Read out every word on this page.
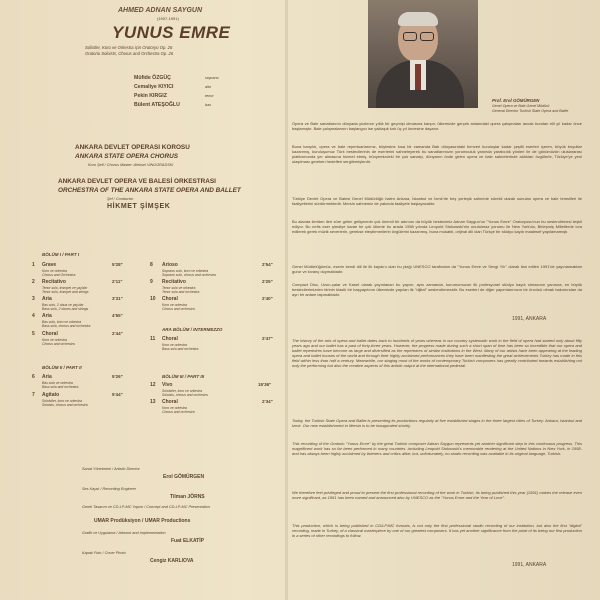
AHMED ADNAN SAYGUN
(1907-1991)
YUNUS EMRE
Solistler, Koro ve Orkestra için Oratoryo Op. 26
Oratorio Soloists, Chorus and Orchestra Op. 26
Müfide ÖZGÜÇ	soprano
Cemaliye KIYICI	alto
Pekin KIRGIZ	tenor
Bülent ATEŞOĞLU	bas
ANKARA DEVLET OPERASI KOROSU
ANKARA STATE OPERA CHORUS
Koro Şefi / Chorus Master: Aleksei VINOGRADSKI
ANKARA DEVLET OPERA VE BALESİ ORKESTRASI
ORCHESTRA OF THE ANKARA STATE OPERA AND BALLET
Şef / Conductor
HİKMET ŞİMŞEK
BÖLÜM I / PART I
1 Grave
Koro ve orkestra
Chorus and Orchestra
5'28"
2 Recitativo
Tenor solo, trompet ve yaylılar
Tenor solo, trumpet and strings
2'11"
3 Aria
Bas solo, 2 obua ve yaylılar
Bass solo, 2 oboes and strings
3'31"
4 Aria
Bas solo, koro ve orkestra
Bass solo, chorus and orchestra
4'55"
5 Choral
Koro ve orkestra
Chorus and orchestra
2'44"
8 Arioso
Soprano solo, koro ve orkestra
Soprano solo, chorus and orchestra
2'54"
9 Recitativo
Tenor solo ve orkestra
Tenor solo and orchestra
2'25"
10 Choral
Koro ve orkestra
Chorus and orchestra
2'40"
ARA BÖLÜM / INTERMEZZO
11 Choral
Koro ve orkestra
Bass solo and orchestra
2'47"
BÖLÜM II / PART II
6 Aria
Bas solo ve orkestra
Bass solo and orchestra
5'26"
7 Agitato
Soloistler, koro ve orkestra
Soloists, chorus and orchestra
5'44"
BÖLÜM III / PART III
12 Vivo
Soloistler, koro ve orkestra
Soloists, chorus and orchestra
15'36"
13 Choral
Koro ve orkestra
Chorus and orchestra
2'34"
Sanat Yönetmeni / Artistic Director
Erol GÖMÜRGEN
Ses Kaydı / Recording Engineer
Tilman JÖRNS
Genel Tasarım ve CD-LP-MC Yapım / Concept and CD-LP-MC Presentation
UMAR Prodüksiyon / UMAR Productions
Grafik ve Uygulama / Artwork and Implementation
Fuat ELKATİP
Kapak Foto / Cover Photo
Cengiz KARLIOVA
Prof. Erol GÖMÜRGEN
Genel Opera ve Bale Genel Müdürü
General Director Turkish State Opera and Ballet
Opera ve Bale sanatlarının dünyada yüzlerce yıllık bir geçmişi olmasına karşın, ülkemizde gerçek anlamdaki opera çalışmaları ancak bundan elli yıl kadar önce başlamıştır. Bale çalışmalarının başlangıcı ise yaklaşık kırk üç yıl öncesine dayanır.
Buna karşılık, opera ve bale repertuarlarımız, böylesine kısa bir zamanda Batı dünyasındaki benzeri kuruluşlar kadar çeşitli eserleri içeren, büyük boyutlar kazanmış, kuruluşumuz Türk bestecilerinin de eserlerini sahneleyerek bu sanatlarımızın yorumculuk yanında yaratıcılık yönleri ile de günümüzün uluslararası platformunda yer almasına hizmet etmiş, bünyemizdeki bir çok sanatçı, dünyanın önde gelen opera ve bale sahnelerinde aldıkları övgülerle, Türkiye'ye yeni ulaşılması gereken hedefleri sergilemişlerdir.
Türkiye Devlet Opera ve Balesi Genel Müdürlüğü halen Ankara, İstanbul ve İzmir'de beş yerleşik sahnede sürekli olarak sunulan opera ve bale temsilleri ile faaliyetlerini sürdürmektedir. Mersin sahnemiz de yakında faaliyete başlayacaktır.
Bu alanda ileriden ileri süre gelen gelişmenin çok önemli bir adımını da büyük bestecimiz Adnan Saygun'un "Yunus Emre" Oratoryosu'nun bu seslendirmesi teşkil ediyor. Bu nefis eser şimdiye kadar bir çok ülkede bu arada 1958 yılında Leopold Stokowski'nin unutulmaz yorumu ile New York'da, Birleşmiş Milletlerde icra edilerek gerek müzik severlerin, gerekse eleştirmenlerin övgülerini kazanmış, buna mukabil, orijinal dili olan Türkçe bir stüdyo kaydı maalesef yapılamamıştı.
Genel Müdürlüğümüz, eserin kendi dili ile ilk kaydını olan bu plağı UNESCO tarafından da "Yunus Emre ve Sevgi Yılı" olarak ilan edilen 1991'de yayınlamaktan gurur ve kıvanç duymaktadır.
Compact Disc, Uzun-çalar ve Kaset olarak yayınlanan bu yapım, aynı zamanda, kurumumuzun ilk profesyonel stüdyo kaydı olmasının yanısıra, en büyük bestecilerimizden birinin klasik bir başyapıtının ülkemizde yapılan ilk "dijital" seslendirmesidir. Bu eserleri de diğer yapımlarımızın bir öncüsü olmak bakımından da ayrı bir anlam taşımaktadır.
1991, ANKARA
The history of the arts of opera and ballet dates back to hundreds of years whereas in our country systematic work in the field of opera had started only about fifty years ago and our ballet has a past of forty-three years. However, the progress made during such a short span of time has been so incredible that our opera and ballet repertoires have become as large and diversified as the repertoires of similar institutions in the West. Many of our artists have been appearing at the leading opera and ballet houses of the world and through their highly acclaimed performances they have been manifesting the great achievements Turkey has made in this field within less than half a century. Meanwhile, our staging most of the works of contemporary Turkish composers has greatly contributed towards establishing not only the performing but also the creative aspects of this artistic output at the international pedestal.
Today, the Turkish State Opera and Ballet is presenting its productions regularly at five established stages in the three largest cities of Turkey: Ankara, Istanbul and Izmir. Our new establishment in Mersin is to be inaugurated shortly.
This recording of the Oratorio "Yunus Emre" by the great Turkish composer Adnan Saygun represents yet another significant step in this continuous progress. This magnificent work has so far been performed in many countries -including Leopold Stokowski's memorable rendering at the United Nations in New York, in 1958- and has always been highly acclaimed by listeners and critics alike; but, unfortunately, no studio recording was available in its original language, Turkish.
We therefore feel privileged and proud to present the first professional recording of the work in Turkish, its being published this year (1991) makes the release even more significant, as 1991 has been named and announced also by UNESCO as the "Yunus Emre and the Year of Love".
This production, which is being published in CD/LP/MC formats, is not only the first professional studio recording of our institution, but also the first "digital" recording, made in Turkey, of a classical masterpiece by one of our greatest composers. It has yet another significance from the point of its being our first production in a series of other recordings to follow.
1991, ANKARA
